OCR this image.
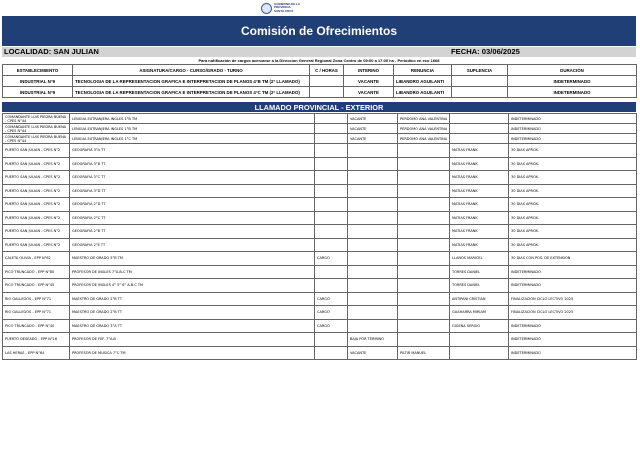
GOBIERNO DE LA
PROVINCIA
SANTA CRUZ
Comisión de Ofrecimientos
LOCALIDAD: SAN JULIAN	FECHA: 03/06/2025
Para notificación de cargos acercarse a la Direccion General Regional Zona Centro de 09:00 a 17:00 hs - Periodico en eco 1668
ESTABLECIMIENTO	ASIGNATURA/CARGO - CURSO/GRADO - TURNO	C / HORAS	INTERINO	RENUNCIA	SUPLENCIA	DURACIÓN
INDUSTRIAL N°9	TECNOLOGIA DE LA REPRESENTACION GRAFICA E INTERPRETACION DE PLANOS 4°B TM (2° LLAMADO)		VACANTE	LIBANDRO AGUILANTI		INDETERMINADO
INDUSTRIAL N°9	TECNOLOGIA DE LA REPRESENTACION GRAFICA E INTERPRETACION DE PLANOS 4°C TM (2° LLAMADO)		VACANTE	LIBANDRO AGUILANTI		INDETERMINADO
LLAMADO PROVINCIAL - EXTERIOR
COMANDANTE LUIS PIEDRA BUENA - CPES N°44	LENGUA EXTRANJERA INGLES 1°B TM		VACANTE	PERDOMO ANA VALENTINA		INDETERMINADO
COMANDANTE LUIS PIEDRA BUENA - CPES N°44	LENGUA EXTRANJERA INGLES 1°B TM		VACANTE	PERDOMO ANA VALENTINA		INDETERMINADO
COMANDANTE LUIS PIEDRA BUENA - CPES N°44	LENGUA EXTRANJERA INGLES 1°C TM		VACANTE	PERDOMO ANA VALENTINA		INDETERMINADO
PUERTO SAN JULIAN - CPES N°2	GEOGRAFIA 3°A TT				MATIAS FRANK	30 DIAS APROX.
PUERTO SAN JULIAN - CPES N°2	GEOGRAFIA 3°B TT				MATIAS FRANK	30 DIAS APROX.
PUERTO SAN JULIAN - CPES N°2	GEOGRAFIA 3°C TT				MATIAS FRANK	30 DIAS APROX.
PUERTO SAN JULIAN - CPES N°2	GEOGRAFIA 3°D TT				MATIAS FRANK	30 DIAS APROX.
PUERTO SAN JULIAN - CPES N°2	GEOGRAFIA 2°D TT				MATIAS FRANK	30 DIAS APROX.
PUERTO SAN JULIAN - CPES N°2	GEOGRAFIA 2°C TT				MATIAS FRANK	30 DIAS APROX.
PUERTO SAN JULIAN - CPES N°2	GEOGRAFIA 2°B TT				MATIAS FRANK	30 DIAS APROX.
PUERTO SAN JULIAN - CPES N°2	GEOGRAFIA 2°E TT				MATIAS FRANK	30 DIAS APROX.
CALETA OLIVIA - EPP N°62	MAESTRO DE GRADO 5°B TM	CARGO			LLANOS MARICEL	30 DIAS CON POS. DE EXTENSION
PICO TRUNCADO - EPP N°80	PROFESOR DE INGLES 7°A-B-C TM				TORRES DANIEL	INDETERMINADO
PICO TRUNCADO - EPP N°45	PROFESOR DE INGLES 4° 5° 6° A-B-C TM				TORRES DANIEL	INDETERMINADO
RIO GALLEGOS - EPP N°71	MAESTRO DE GRADO 2°B TT	CARGO			ANTIPANI CRISTIAN	FINALIZACION CICLO LECTIVO 2025
RIO GALLEGOS - EPP N°71	MAESTRO DE GRADO 2°B TT	CARGO			GUAHARRA MIRIAM	FINALIZACION CICLO LECTIVO 2025
PICO TRUNCADO - EPP N°40	MAESTRO DE GRADO 3°A TT	CARGO			GIGENA SERGIO	INDETERMINADO
PUERTO DESEADO - EPP N°16	PROFESOR DE FEF. 7°A-B		BAJA POR TERMINO			INDETERMINADO
LAS HERAS - EPP N°64	PROFESOR DE MUSICA 7°C TM		VACANTE	PILTIR MANUEL		INDETERMINADO
